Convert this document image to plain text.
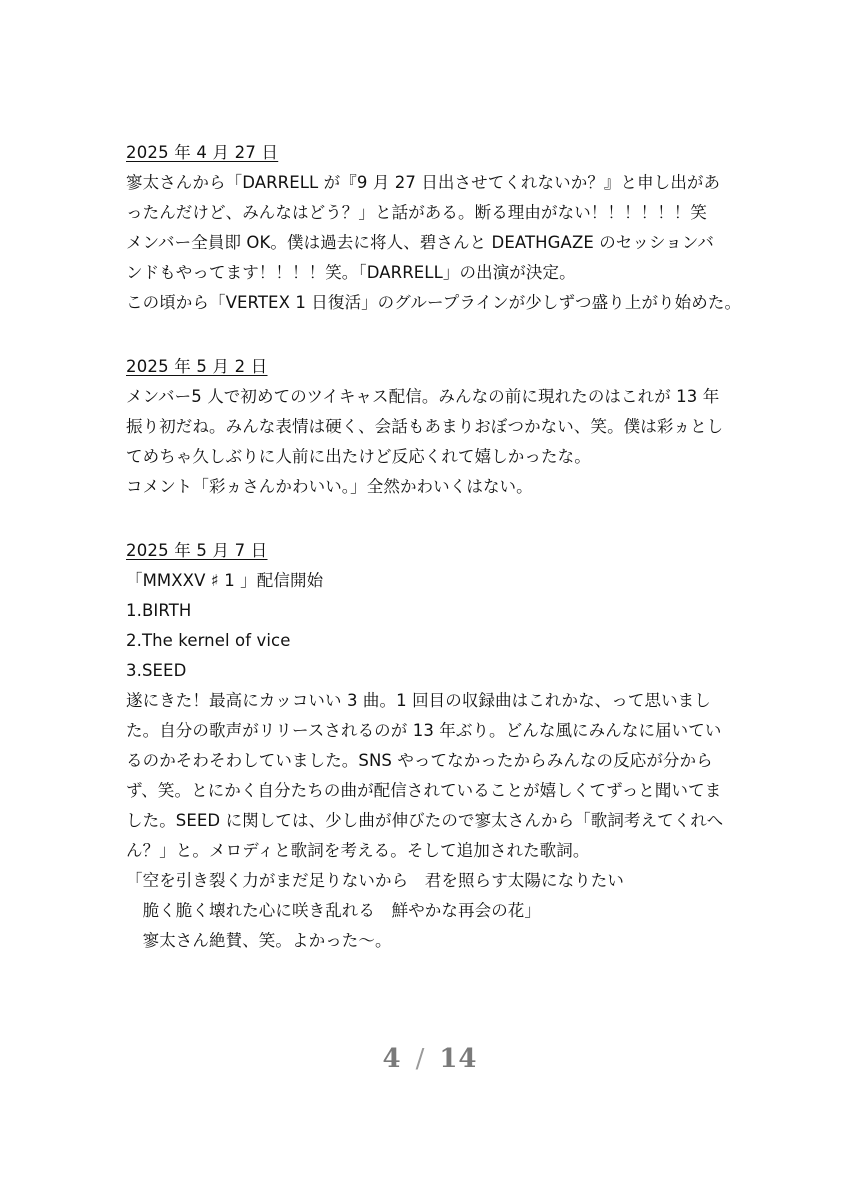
2025 年 4 月 27 日
寥太さんから「DARRELL が『9 月 27 日出させてくれないか？』と申し出があ
ったんだけど、みんなはどう？」と話がある。断る理由がない！！！！！！笑
メンバー全員即 OK。僕は過去に将人、碧さんと DEATHGAZE のセッションバ
ンドもやってます！！！！笑。「DARRELL」の出演が決定。
この頃から「VERTEX 1 日復活」のグループラインが少しずつ盛り上がり始めた。
2025 年 5 月 2 日
メンバー5 人で初めてのツイキャス配信。みんなの前に現れたのはこれが 13 年
振り初だね。みんな表情は硬く、会話もあまりおぼつかない、笑。僕は彩ヵとし
てめちゃ久しぶりに人前に出たけど反応くれて嬉しかったな。
コメント「彩ヵさんかわいい。」全然かわいくはない。
2025 年 5 月 7 日
「MMXXV ♯ 1 」配信開始
1.BIRTH
2.The kernel of vice
3.SEED
遂にきた！最高にカッコいい 3 曲。1 回目の収録曲はこれかな、って思いまし
た。自分の歌声がリリースされるのが 13 年ぶり。どんな風にみんなに届いてい
るのかそわそわしていました。SNS やってなかったからみんなの反応が分から
ず、笑。とにかく自分たちの曲が配信されていることが嬉しくてずっと聞いてま
した。SEED に関しては、少し曲が伸びたので寥太さんから「歌詞考えてくれへ
ん？」と。メロディと歌詞を考える。そして追加された歌詞。
「空を引き裂く力がまだ足りないから　君を照らす太陽になりたい
　脆く脆く壊れた心に咲き乱れる　鮮やかな再会の花」
　寥太さん絶賛、笑。よかった〜。
4 / 14
